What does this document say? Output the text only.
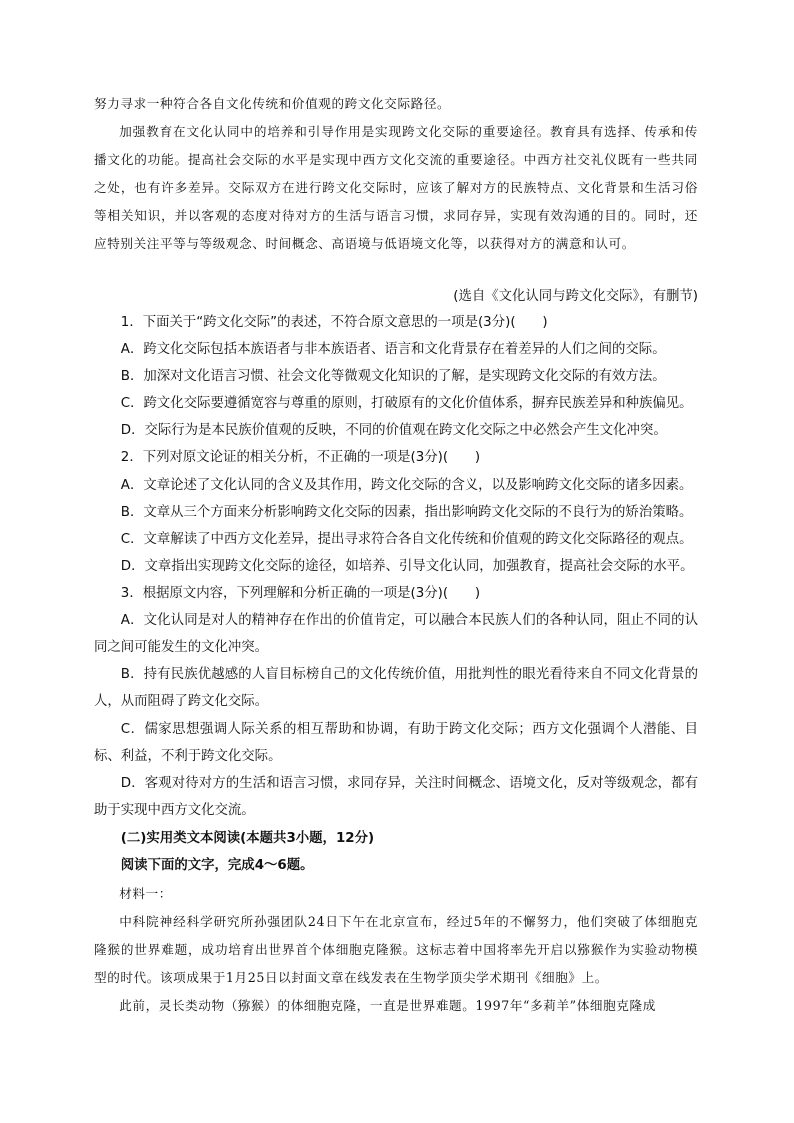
努力寻求一种符合各自文化传统和价值观的跨文化交际路径。

加强教育在文化认同中的培养和引导作用是实现跨文化交际的重要途径。教育具有选择、传承和传播文化的功能。提高社会交际的水平是实现中西方文化交流的重要途径。中西方社交礼仪既有一些共同之处，也有许多差异。交际双方在进行跨文化交际时，应该了解对方的民族特点、文化背景和生活习俗等相关知识，并以客观的态度对待对方的生活与语言习惯，求同存异，实现有效沟通的目的。同时，还应特别关注平等与等级观念、时间概念、高语境与低语境文化等，以获得对方的满意和认可。

(选自《文化认同与跨文化交际》，有删节)

1．下面关于“跨文化交际”的表述，不符合原文意思的一项是(3分)(　　)

A．跨文化交际包括本族语者与非本族语者、语言和文化背景存在着差异的人们之间的交际。

B．加深对文化语言习惯、社会文化等微观文化知识的了解，是实现跨文化交际的有效方法。

C．跨文化交际要遵循宽容与尊重的原则，打破原有的文化价值体系，摒弃民族差异和种族偏见。

D．交际行为是本民族价值观的反映，不同的价值观在跨文化交际之中必然会产生文化冲突。

2．下列对原文论证的相关分析，不正确的一项是(3分)(　　)

A．文章论述了文化认同的含义及其作用，跨文化交际的含义，以及影响跨文化交际的诸多因素。

B．文章从三个方面来分析影响跨文化交际的因素，指出影响跨文化交际的不良行为的矫治策略。

C．文章解读了中西方文化差异，提出寻求符合各自文化传统和价值观的跨文化交际路径的观点。

D．文章指出实现跨文化交际的途径，如培养、引导文化认同，加强教育，提高社会交际的水平。

3．根据原文内容，下列理解和分析正确的一项是(3分)(　　)

A．文化认同是对人的精神存在作出的价值肯定，可以融合本民族人们的各种认同，阻止不同的认同之间可能发生的文化冲突。

B．持有民族优越感的人盲目标榜自己的文化传统价值，用批判性的眼光看待来自不同文化背景的人，从而阻碍了跨文化交际。

C．儒家思想强调人际关系的相互帮助和协调，有助于跨文化交际；西方文化强调个人潜能、目标、利益，不利于跨文化交际。

D．客观对待对方的生活和语言习惯，求同存异，关注时间概念、语境文化，反对等级观念，都有助于实现中西方文化交流。

(二)实用类文本阅读(本题共3小题，12分)

阅读下面的文字，完成4～6题。

材料一：

中科院神经科学研究所孙强团队24日下午在北京宣布，经过5年的不懈努力，他们突破了体细胞克隆猴的世界难题，成功培育出世界首个体细胞克隆猴。这标志着中国将率先开启以猕猴作为实验动物模型的时代。该项成果于1月25日以封面文章在线发表在生物学顶尖学术期刊《细胞》上。

此前，灵长类动物（猕猴）的体细胞克隆，一直是世界难题。1997年“多莉羊”体细胞克隆成
